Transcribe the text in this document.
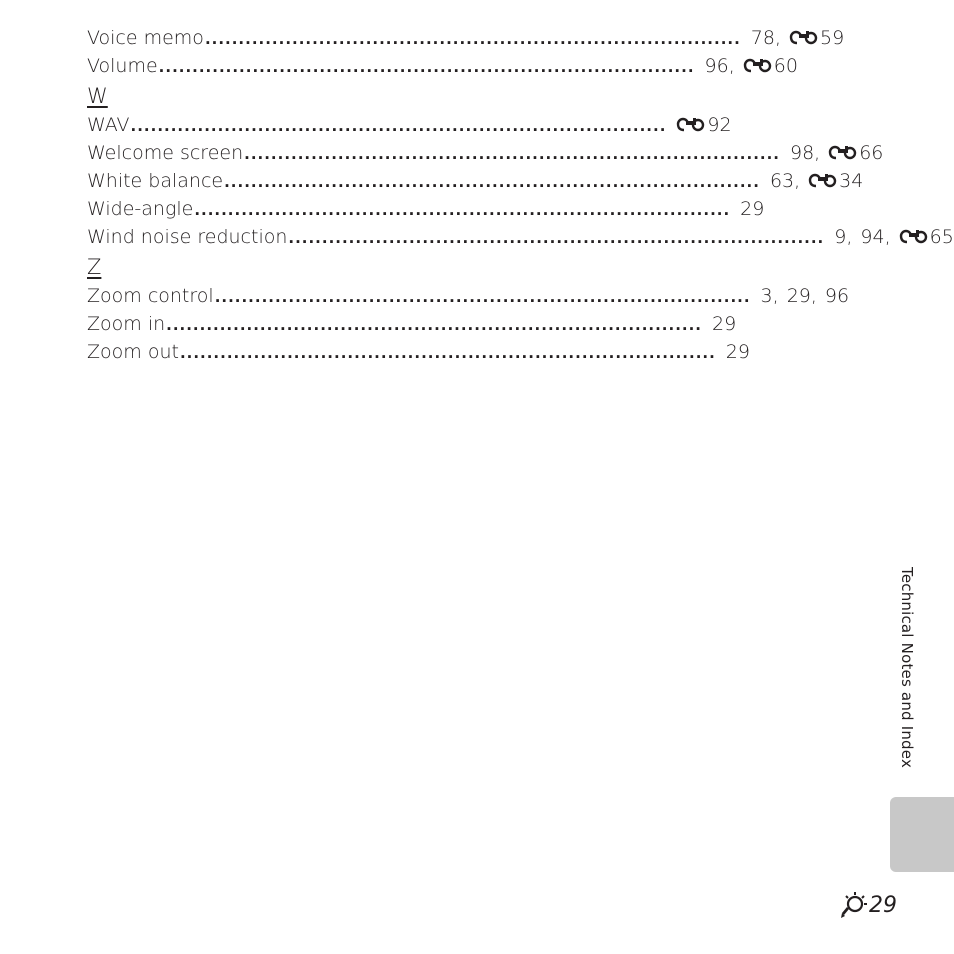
Voice memo ................................................................................ 78, 59
Volume ................................................................................ 96, 60
W
WAV ................................................................................	92
Welcome screen ................................................................................ 98, 66
White balance ................................................................................ 63, 34
Wide-angle ................................................................................ 29
Wind noise reduction ................................................................................ 9, 94, 65
Z
Zoom control ................................................................................ 3, 29, 96
Zoom in ................................................................................ 29
Zoom out ................................................................................ 29
Technical Notes and Index
29
